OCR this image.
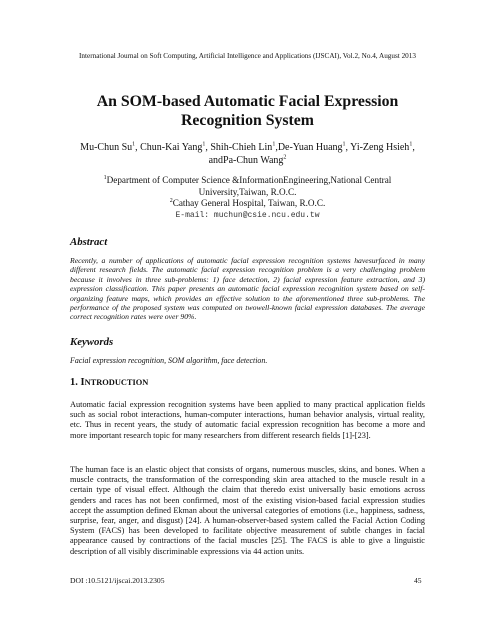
International Journal on Soft Computing, Artificial Intelligence and Applications (IJSCAI), Vol.2, No.4, August 2013
An SOM-based Automatic Facial Expression Recognition System
Mu-Chun Su$^1$, Chun-Kai Yang$^1$, Shih-Chieh Lin$^1$,De-Yuan Huang$^1$, Yi-Zeng Hsieh$^1$, andPa-Chun Wang$^2$
$^1$Department of Computer Science &InformationEngineering,National Central University,Taiwan, R.O.C.
$^2$Cathay General Hospital, Taiwan, R.O.C.
E-mail: muchun@csie.ncu.edu.tw
Abstract
Recently, a number of applications of automatic facial expression recognition systems havesurfaced in many different research fields. The automatic facial expression recognition problem is a very challenging problem because it involves in three sub-problems: 1) face detection, 2) facial expression feature extraction, and 3) expression classification. This paper presents an automatic facial expression recognition system based on self-organizing feature maps, which provides an effective solution to the aforementioned three sub-problems. The performance of the proposed system was computed on twowell-known facial expression databases. The average correct recognition rates were over 90%.
Keywords
Facial expression recognition, SOM algorithm, face detection.
1. INTRODUCTION
Automatic facial expression recognition systems have been applied to many practical application fields such as social robot interactions, human-computer interactions, human behavior analysis, virtual reality, etc. Thus in recent years, the study of automatic facial expression recognition has become a more and more important research topic for many researchers from different research fields [1]-[23].
The human face is an elastic object that consists of organs, numerous muscles, skins, and bones. When a muscle contracts, the transformation of the corresponding skin area attached to the muscle result in a certain type of visual effect. Although the claim that theredo exist universally basic emotions across genders and races has not been confirmed, most of the existing vision-based facial expression studies accept the assumption defined Ekman about the universal categories of emotions (i.e., happiness, sadness, surprise, fear, anger, and disgust) [24]. A human-observer-based system called the Facial Action Coding System (FACS) has been developed to facilitate objective measurement of subtle changes in facial appearance caused by contractions of the facial muscles [25]. The FACS is able to give a linguistic description of all visibly discriminable expressions via 44 action units.
DOI :10.5121/ijscai.2013.2305	45
